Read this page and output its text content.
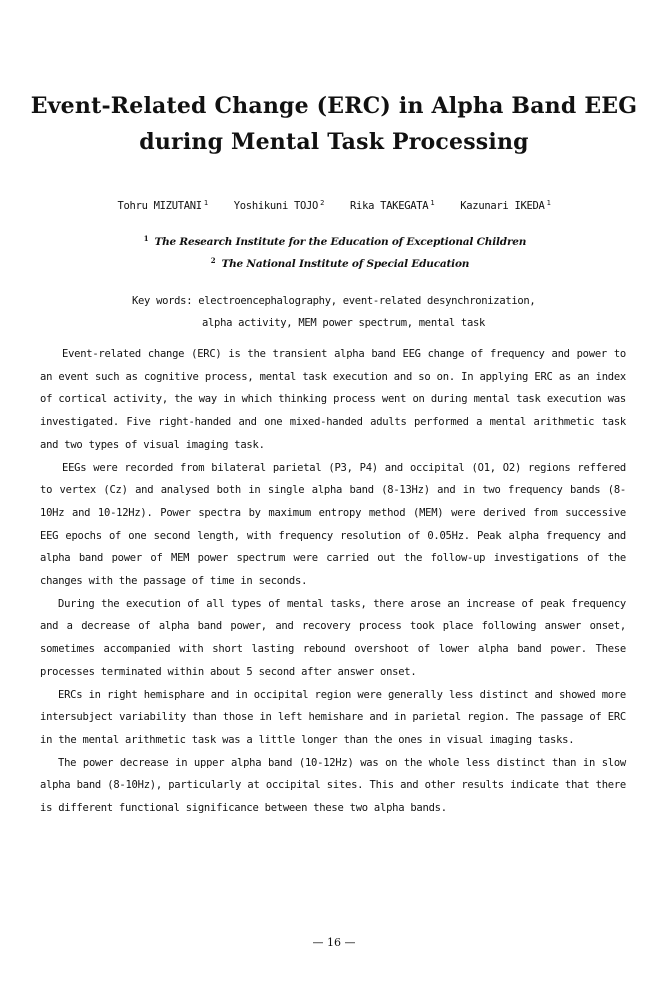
Event-Related Change (ERC) in Alpha Band EEG
during Mental Task Processing
Tohru MIZUTANI $^1$ Yoshikuni TOJO $^2$ Rika TAKEGATA $^1$ Kazunari IKEDA $^1$
$^1$ The Research Institute for the Education of Exceptional Children
$^2$ The National Institute of Special Education
Key words: electroencephalography, event-related desynchronization,
alpha activity, MEM power spectrum, mental task

Event-related change (ERC) is the transient alpha band EEG change of frequency and power to an event such as cognitive process, mental task execution and so on. In applying ERC as an index of cortical activity, the way in which thinking process went on during mental task execution was investigated. Five right-handed and one mixed-handed adults performed a mental arithmetic task and two types of visual imaging task.

EEGs were recorded from bilateral parietal (P3, P4) and occipital (O1, O2) regions reffered to vertex (Cz) and analysed both in single alpha band (8-13Hz) and in two frequency bands (8-10Hz and 10-12Hz). Power spectra by maximum entropy method (MEM) were derived from successive EEG epochs of one second length, with frequency resolution of 0.05Hz. Peak alpha frequency and alpha band power of MEM power spectrum were carried out the follow-up investigations of the changes with the passage of time in seconds.

During the execution of all types of mental tasks, there arose an increase of peak frequency and a decrease of alpha band power, and recovery process took place following answer onset, sometimes accompanied with short lasting rebound overshoot of lower alpha band power. These processes terminated within about 5 second after answer onset.

ERCs in right hemisphare and in occipital region were generally less distinct and showed more intersubject variability than those in left hemishare and in parietal region. The passage of ERC in the mental arithmetic task was a little longer than the ones in visual imaging tasks.

The power decrease in upper alpha band (10-12Hz) was on the whole less distinct than in slow alpha band (8-10Hz), particularly at occipital sites. This and other results indicate that there is different functional significance between these two alpha bands.

— 16 —
